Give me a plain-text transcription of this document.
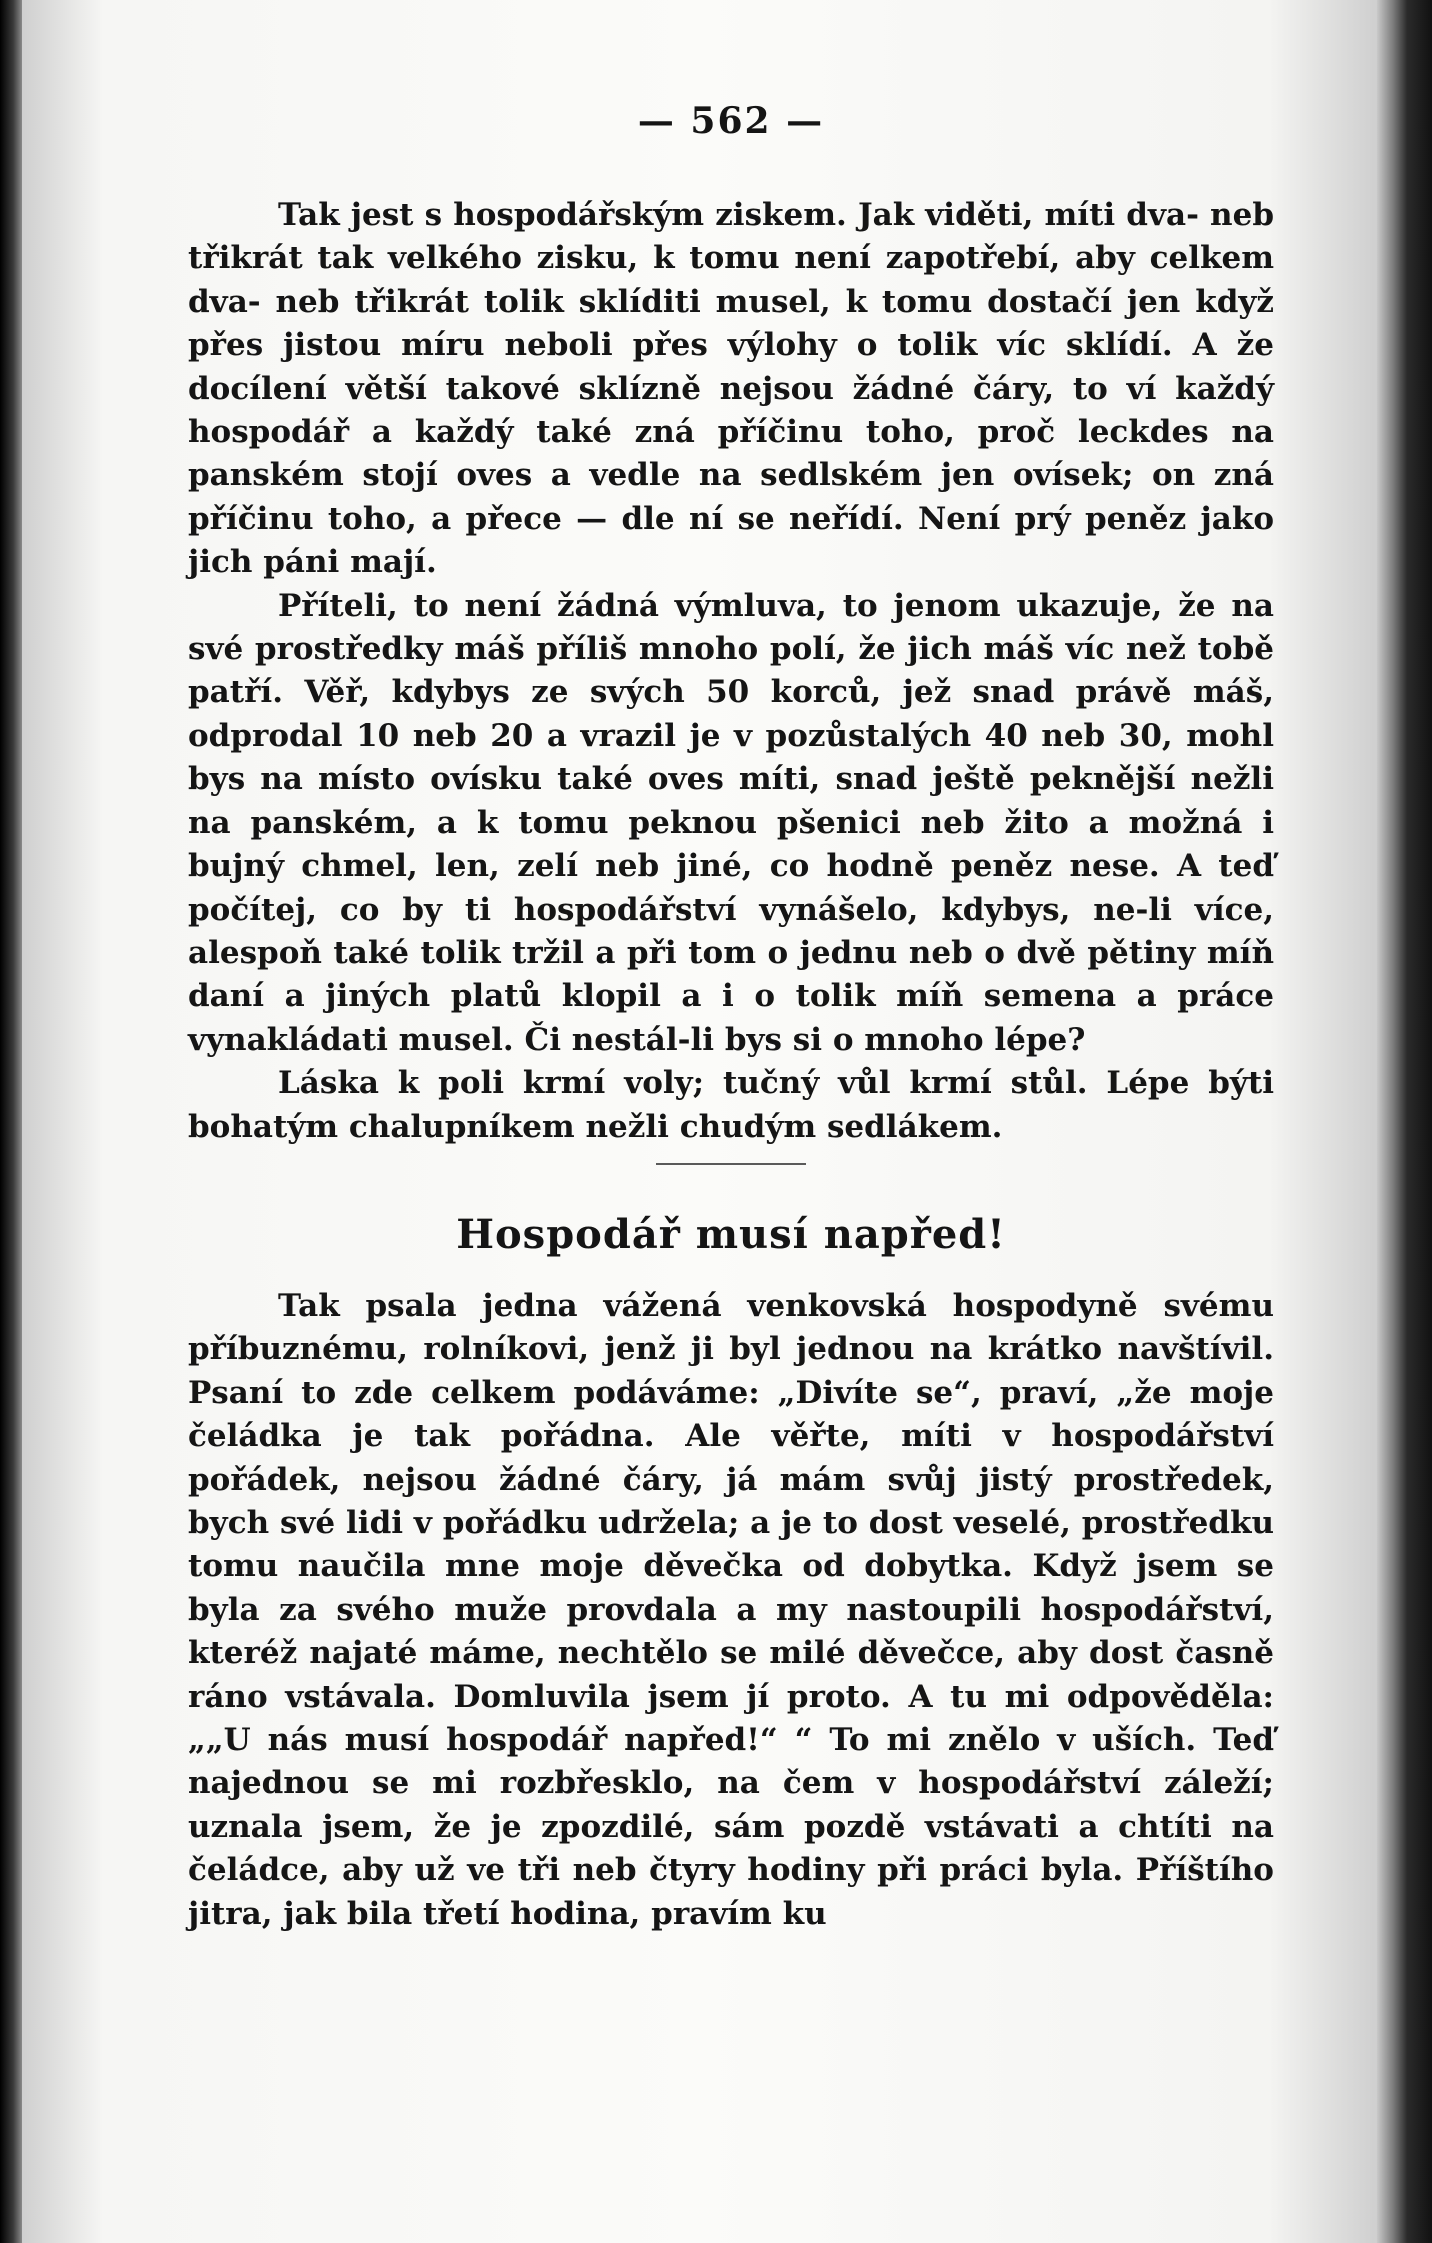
— 562 —

Tak jest s hospodářským ziskem. Jak viděti, míti dva- neb třikrát tak velkého zisku, k tomu není zapotřebí, aby celkem dva- neb třikrát tolik sklíditi musel, k tomu dostačí jen když přes jistou míru neboli přes výlohy o tolik víc sklídí. A že docílení větší takové sklízně nejsou žádné čáry, to ví každý hospodář a každý také zná příčinu toho, proč leckdes na panském stojí oves a vedle na sedlském jen ovísek; on zná příčinu toho, a přece — dle ní se neřídí. Není prý peněz jako jich páni mají.

Příteli, to není žádná výmluva, to jenom ukazuje, že na své prostředky máš příliš mnoho polí, že jich máš víc než tobě patří. Věř, kdybys ze svých 50 korců, jež snad právě máš, odprodal 10 neb 20 a vrazil je v pozůstalých 40 neb 30, mohl bys na místo ovísku také oves míti, snad ještě peknější nežli na panském, a k tomu peknou pšenici neb žito a možná i bujný chmel, len, zelí neb jiné, co hodně peněz nese. A teď počítej, co by ti hospodářství vynášelo, kdybys, ne-li více, alespoň také tolik tržil a při tom o jednu neb o dvě pětiny míň daní a jiných platů klopil a i o tolik míň semena a práce vynakládati musel. Či nestál-li bys si o mnoho lépe?

Láska k poli krmí voly; tučný vůl krmí stůl. Lépe býti bohatým chalupníkem nežli chudým sedlákem.

Hospodář musí napřed!

Tak psala jedna vážená venkovská hospodyně svému příbuznému, rolníkovi, jenž ji byl jednou na krátko navštívil. Psaní to zde celkem podáváme: „Divíte se“, praví, „že moje čeládka je tak pořádna. Ale věřte, míti v hospodářství pořádek, nejsou žádné čáry, já mám svůj jistý prostředek, bych své lidi v pořádku udržela; a je to dost veselé, prostředku tomu naučila mne moje děvečka od dobytka. Když jsem se byla za svého muže provdala a my nastoupili hospodářství, kteréž najaté máme, nechtělo se milé děvečce, aby dost časně ráno vstávala. Domluvila jsem jí proto. A tu mi odpověděla: „„U nás musí hospodář napřed!“ “ To mi znělo v uších. Teď najednou se mi rozbřesklo, na čem v hospodářství záleží; uznala jsem, že je zpozdilé, sám pozdě vstávati a chtíti na čeládce, aby už ve tři neb čtyry hodiny při práci byla. Příštího jitra, jak bila třetí hodina, pravím ku
